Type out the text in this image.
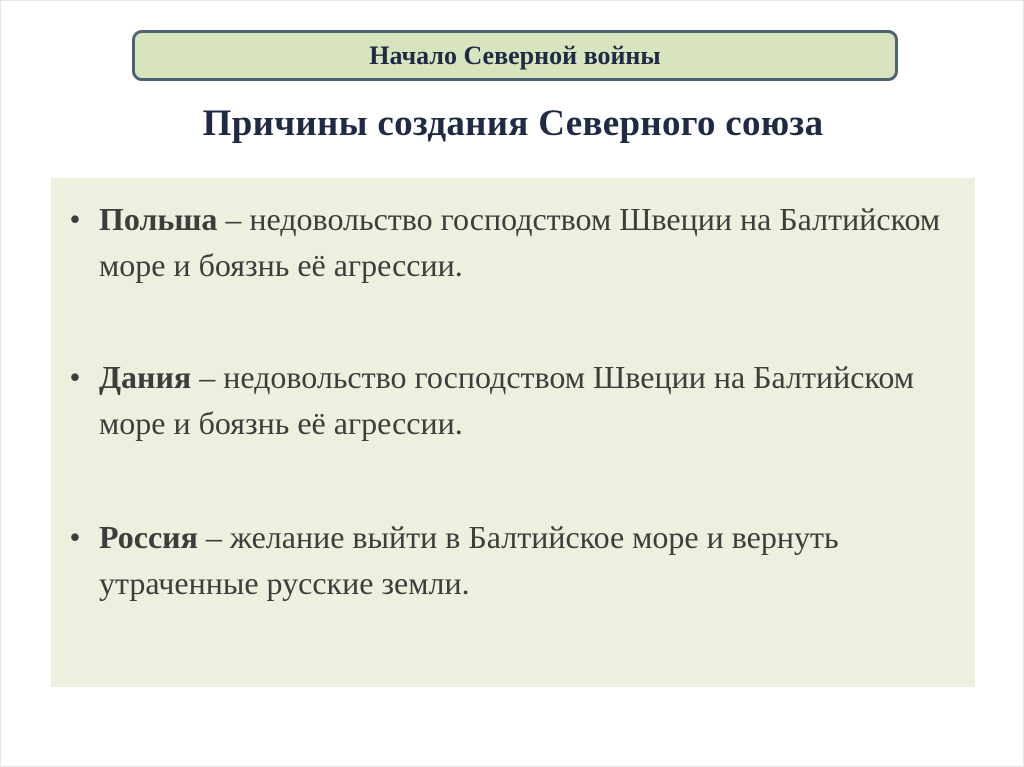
Начало Северной войны
Причины создания Северного союза
• Польша – недовольство господством Швеции на Балтийском море и боязнь её агрессии.
• Дания – недовольство господством Швеции на Балтийском море и боязнь её агрессии.
• Россия – желание выйти в Балтийское море и вернуть утраченные русские земли.
